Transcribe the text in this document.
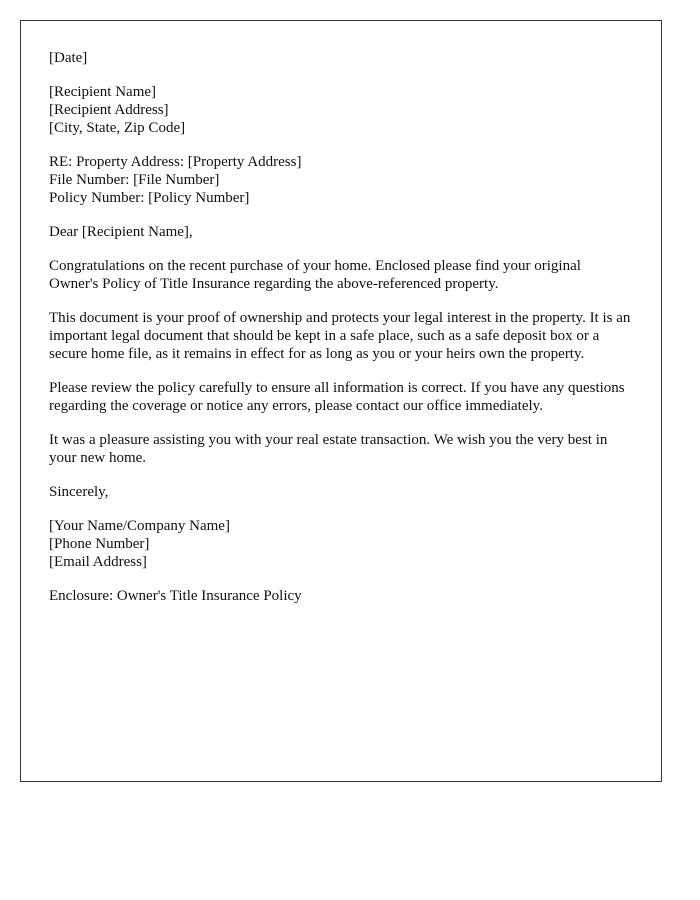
[Date]

[Recipient Name]
[Recipient Address]
[City, State, Zip Code]

RE: Property Address: [Property Address]
File Number: [File Number]
Policy Number: [Policy Number]

Dear [Recipient Name],

Congratulations on the recent purchase of your home. Enclosed please find your original Owner's Policy of Title Insurance regarding the above-referenced property.

This document is your proof of ownership and protects your legal interest in the property. It is an important legal document that should be kept in a safe place, such as a safe deposit box or a secure home file, as it remains in effect for as long as you or your heirs own the property.

Please review the policy carefully to ensure all information is correct. If you have any questions regarding the coverage or notice any errors, please contact our office immediately.

It was a pleasure assisting you with your real estate transaction. We wish you the very best in your new home.

Sincerely,

[Your Name/Company Name]
[Phone Number]
[Email Address]

Enclosure: Owner's Title Insurance Policy
